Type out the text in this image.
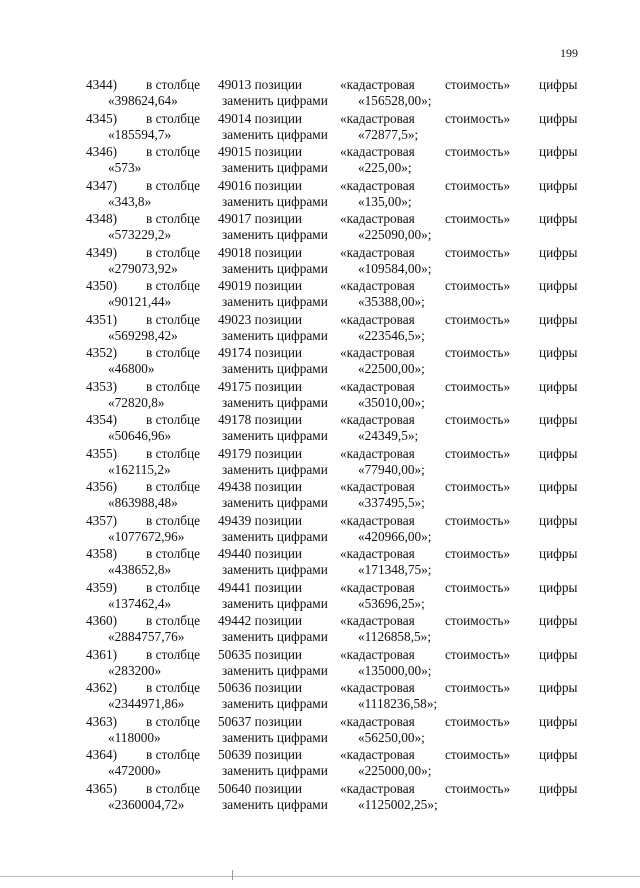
199
4344) в столбце 49013 позиции	«кадастровая стоимость» цифры
«398624,64»	заменить цифрами «156528,00»;
4345) в столбце 49014 позиции	«кадастровая стоимость» цифры
«185594,7»	заменить цифрами «72877,5»;
4346) в столбце 49015 позиции	«кадастровая стоимость» цифры
«573»	заменить цифрами «225,00»;
4347) в столбце 49016 позиции	«кадастровая стоимость» цифры
«343,8»	заменить цифрами «135,00»;
4348) в столбце 49017 позиции	«кадастровая стоимость» цифры
«573229,2»	заменить цифрами «225090,00»;
4349) в столбце 49018 позиции	«кадастровая стоимость» цифры
«279073,92»	заменить цифрами «109584,00»;
4350) в столбце 49019 позиции	«кадастровая стоимость» цифры
«90121,44»	заменить цифрами «35388,00»;
4351) в столбце 49023 позиции	«кадастровая стоимость» цифры
«569298,42»	заменить цифрами «223546,5»;
4352) в столбце 49174 позиции	«кадастровая стоимость» цифры
«46800»	заменить цифрами «22500,00»;
4353) в столбце 49175 позиции	«кадастровая стоимость» цифры
«72820,8»	заменить цифрами «35010,00»;
4354) в столбце 49178 позиции	«кадастровая стоимость» цифры
«50646,96»	заменить цифрами «24349,5»;
4355) в столбце 49179 позиции	«кадастровая стоимость» цифры
«162115,2»	заменить цифрами «77940,00»;
4356) в столбце 49438 позиции	«кадастровая стоимость» цифры
«863988,48»	заменить цифрами «337495,5»;
4357) в столбце 49439 позиции	«кадастровая стоимость» цифры
«1077672,96»	заменить цифрами «420966,00»;
4358) в столбце 49440 позиции	«кадастровая стоимость» цифры
«438652,8»	заменить цифрами «171348,75»;
4359) в столбце 49441 позиции	«кадастровая стоимость» цифры
«137462,4»	заменить цифрами «53696,25»;
4360) в столбце 49442 позиции	«кадастровая стоимость» цифры
«2884757,76»	заменить цифрами «1126858,5»;
4361) в столбце 50635 позиции	«кадастровая стоимость» цифры
«283200»	заменить цифрами «135000,00»;
4362) в столбце 50636 позиции	«кадастровая стоимость» цифры
«2344971,86»	заменить цифрами «1118236,58»;
4363) в столбце 50637 позиции	«кадастровая стоимость» цифры
«118000»	заменить цифрами «56250,00»;
4364) в столбце 50639 позиции	«кадастровая стоимость» цифры
«472000»	заменить цифрами «225000,00»;
4365) в столбце 50640 позиции	«кадастровая стоимость» цифры
«2360004,72»	заменить цифрами «1125002,25»;
